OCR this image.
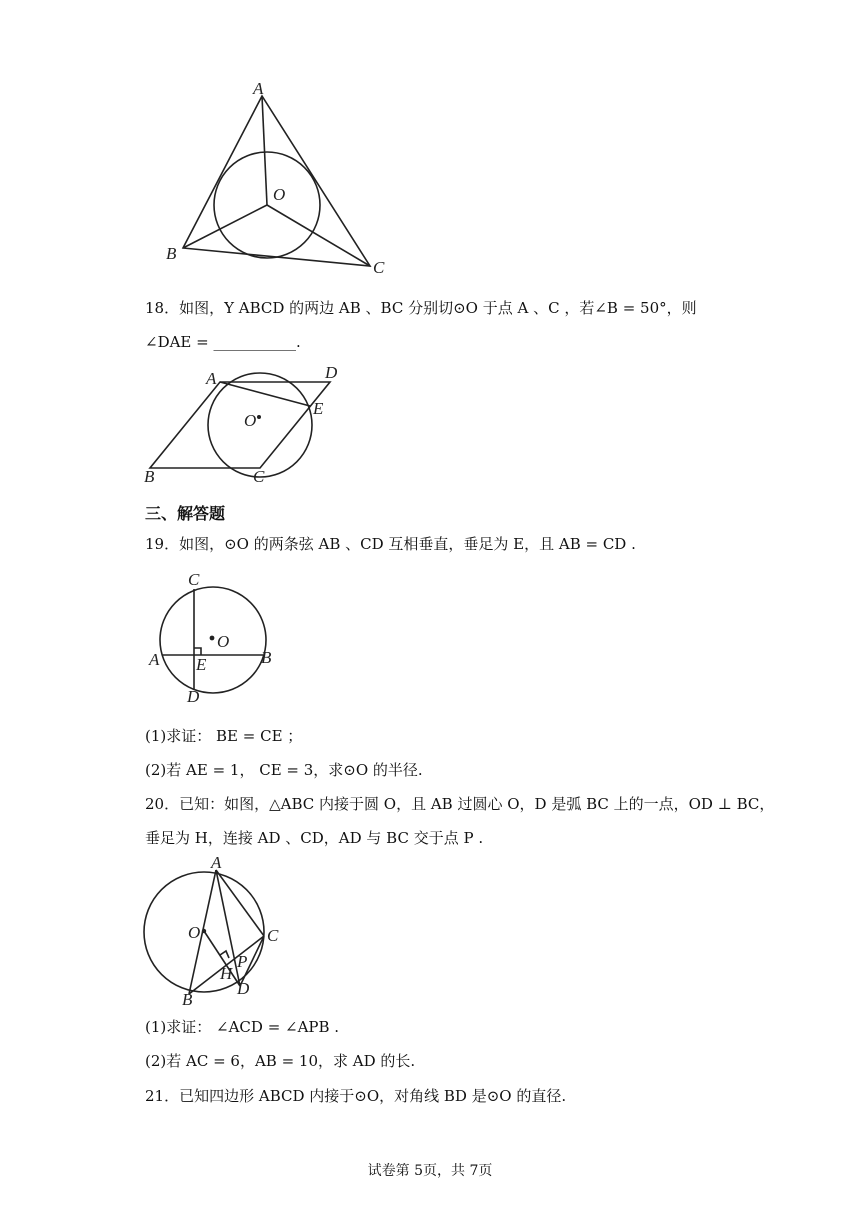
A
B
C
O
18．如图，Y ABCD 的两边 AB 、BC 分别切⊙O 于点 A 、C ，若∠B = 50°，则
∠DAE = ___________.
A	D
E
O
B	C
三、解答题
19．如图，⊙O 的两条弦 AB 、CD 互相垂直，垂足为 E，且 AB = CD .
C
O
A E	B
D
(1)求证： BE = CE ；
(2)若 AE = 1， CE = 3，求⊙O 的半径.
20．已知：如图，△ABC 内接于圆 O，且 AB 过圆心 O，D 是弧 BC 上的一点，OD ⊥ BC，
垂足为 H，连接 AD 、CD，AD 与 BC 交于点 P .
A
O	C
P
H
D
B
(1)求证： ∠ACD = ∠APB .
(2)若 AC = 6，AB = 10，求 AD 的长.
21．已知四边形 ABCD 内接于⊙O，对角线 BD 是⊙O 的直径.
试卷第 5页，共 7页
